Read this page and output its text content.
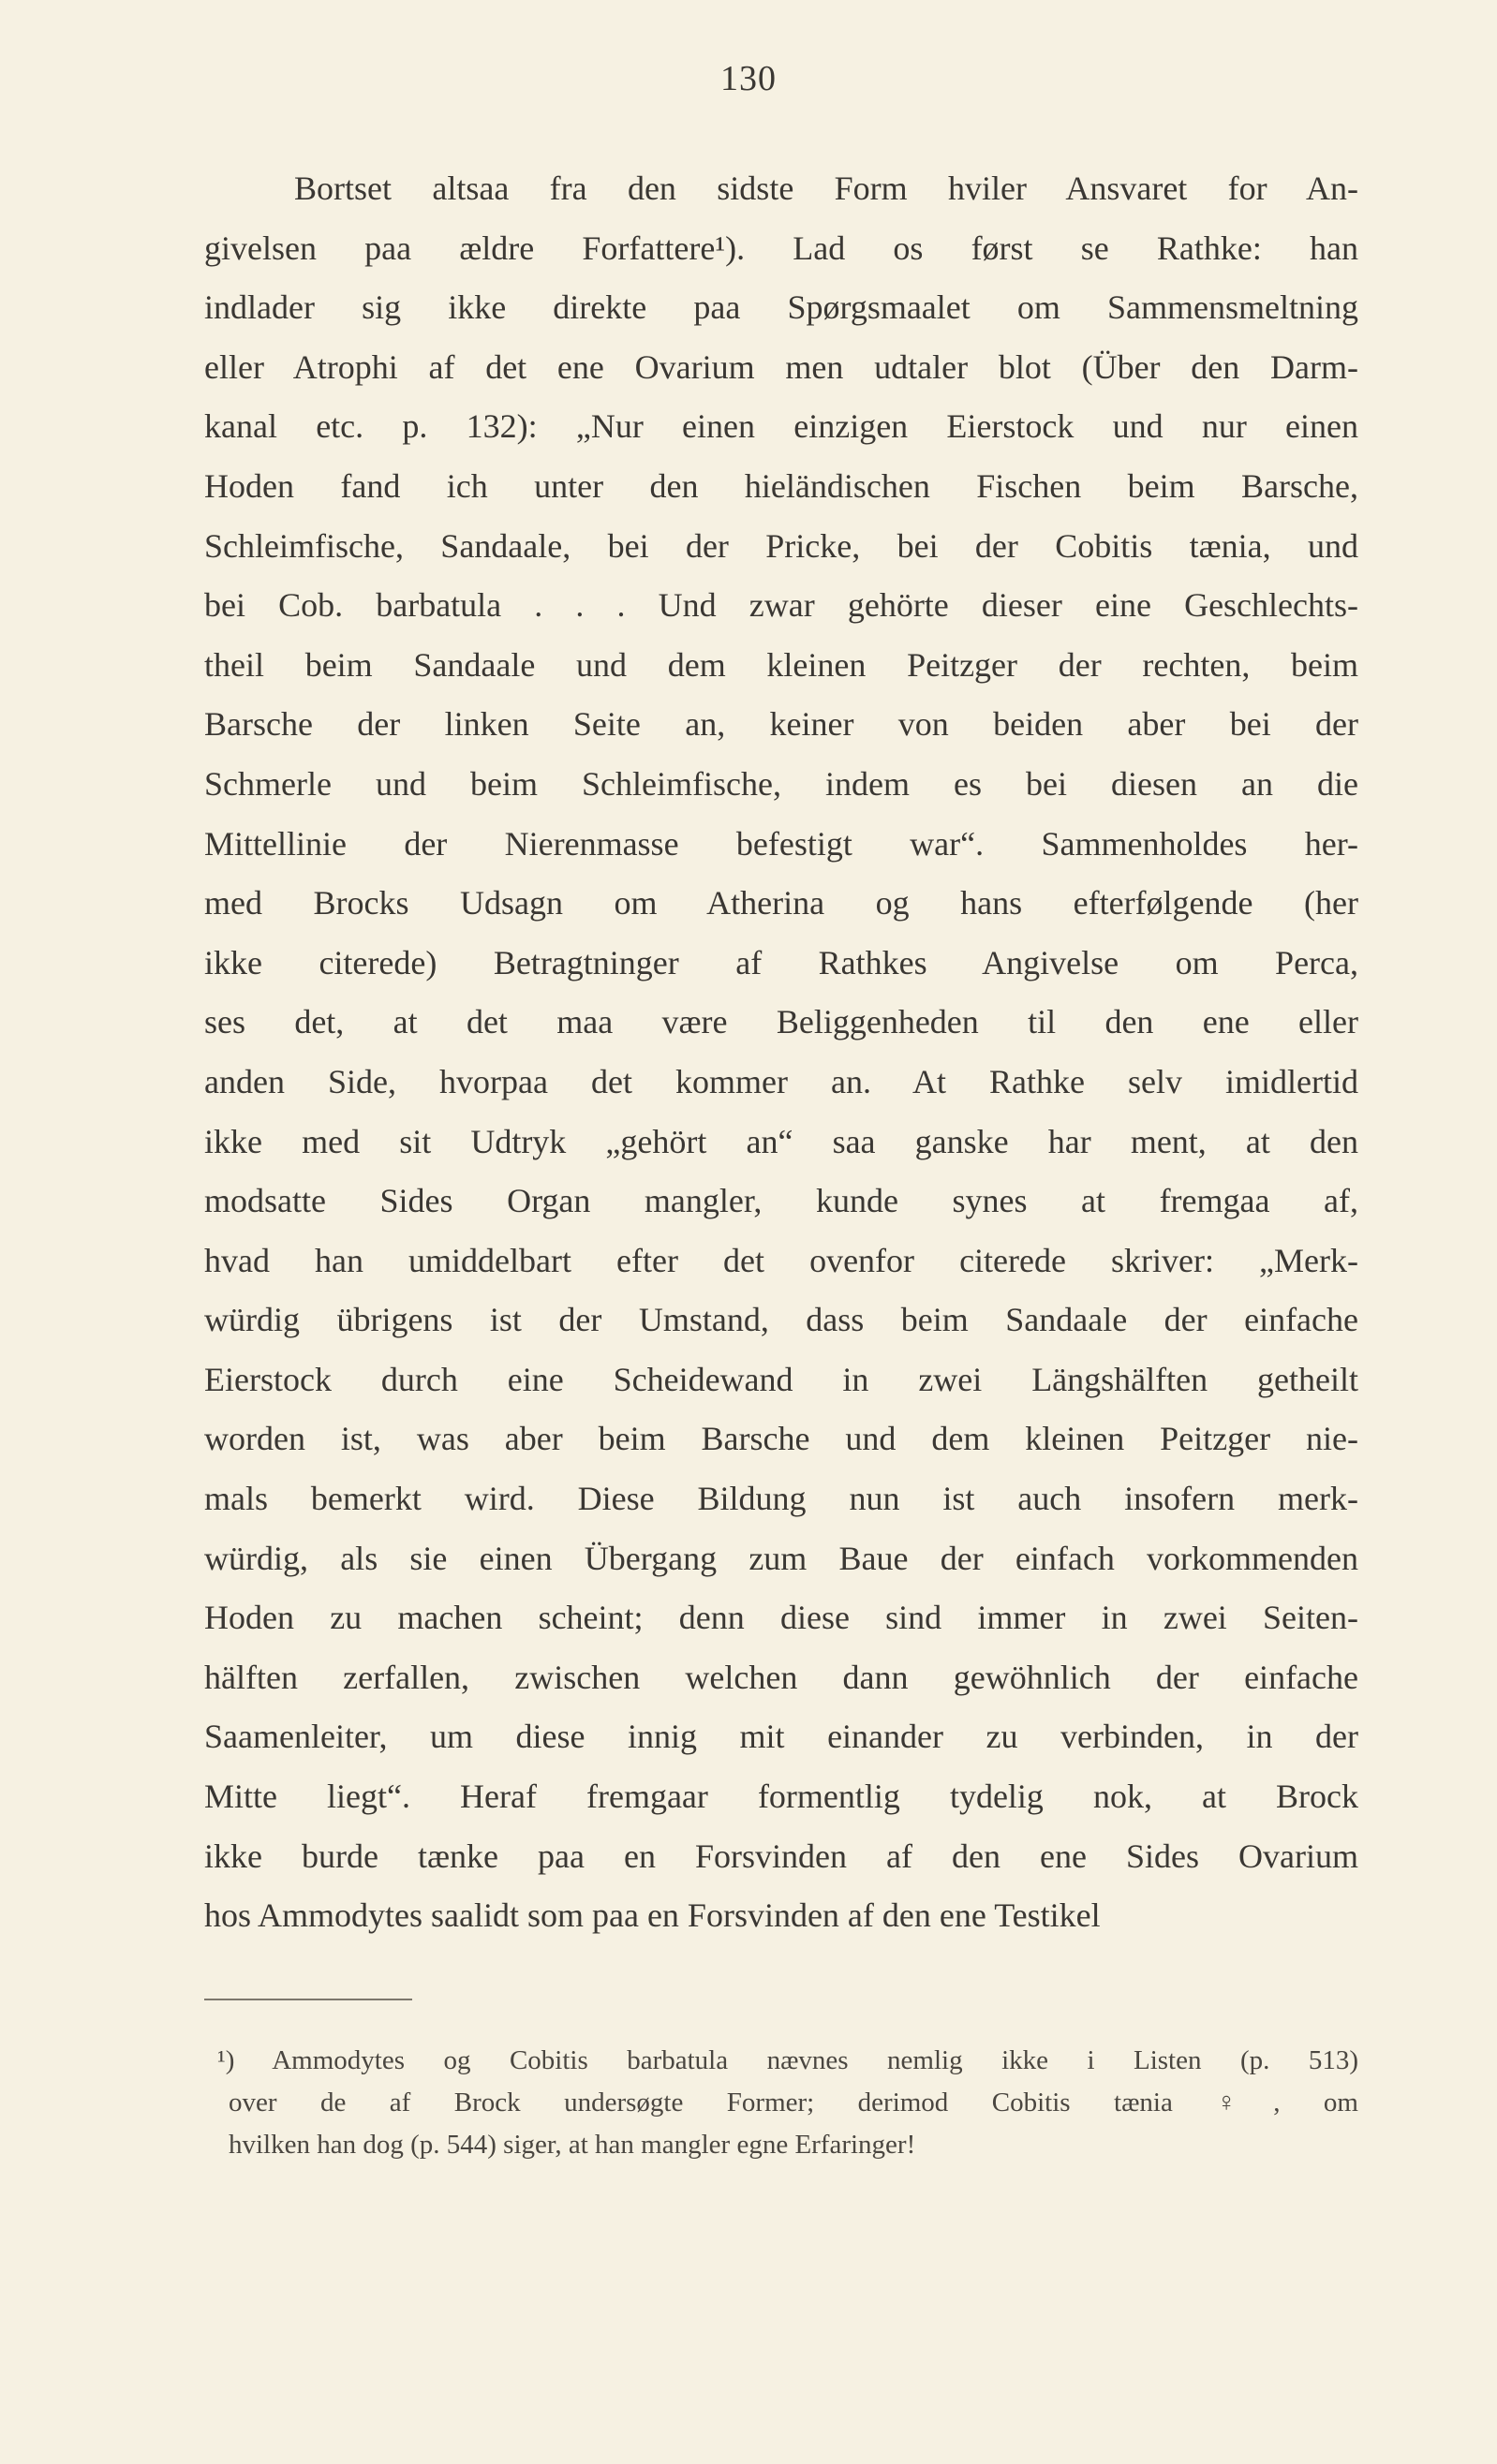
130
Bortset altsaa fra den sidste Form hviler Ansvaret for An-
givelsen paa ældre Forfattere¹). Lad os først se Rathke: han
indlader sig ikke direkte paa Spørgsmaalet om Sammensmeltning
eller Atrophi af det ene Ovarium men udtaler blot (Über den Darm-
kanal etc. p. 132): „Nur einen einzigen Eierstock und nur einen
Hoden fand ich unter den hieländischen Fischen beim Barsche,
Schleimfische, Sandaale, bei der Pricke, bei der Cobitis tænia, und
bei Cob. barbatula . . . Und zwar gehörte dieser eine Geschlechts-
theil beim Sandaale und dem kleinen Peitzger der rechten, beim
Barsche der linken Seite an, keiner von beiden aber bei der
Schmerle und beim Schleimfische, indem es bei diesen an die
Mittellinie der Nierenmasse befestigt war“. Sammenholdes her-
med Brocks Udsagn om Atherina og hans efterfølgende (her
ikke citerede) Betragtninger af Rathkes Angivelse om Perca,
ses det, at det maa være Beliggenheden til den ene eller
anden Side, hvorpaa det kommer an. At Rathke selv imidlertid
ikke med sit Udtryk „gehört an“ saa ganske har ment, at den
modsatte Sides Organ mangler, kunde synes at fremgaa af,
hvad han umiddelbart efter det ovenfor citerede skriver: „Merk-
würdig übrigens ist der Umstand, dass beim Sandaale der einfache
Eierstock durch eine Scheidewand in zwei Längshälften getheilt
worden ist, was aber beim Barsche und dem kleinen Peitzger nie-
mals bemerkt wird. Diese Bildung nun ist auch insofern merk-
würdig, als sie einen Übergang zum Baue der einfach vorkommenden
Hoden zu machen scheint; denn diese sind immer in zwei Seiten-
hälften zerfallen, zwischen welchen dann gewöhnlich der einfache
Saamenleiter, um diese innig mit einander zu verbinden, in der
Mitte liegt“. Heraf fremgaar formentlig tydelig nok, at Brock
ikke burde tænke paa en Forsvinden af den ene Sides Ovarium
hos Ammodytes saalidt som paa en Forsvinden af den ene Testikel
¹) Ammodytes og Cobitis barbatula nævnes nemlig ikke i Listen (p. 513)
over de af Brock undersøgte Former; derimod Cobitis tænia ♀, om
hvilken han dog (p. 544) siger, at han mangler egne Erfaringer!
